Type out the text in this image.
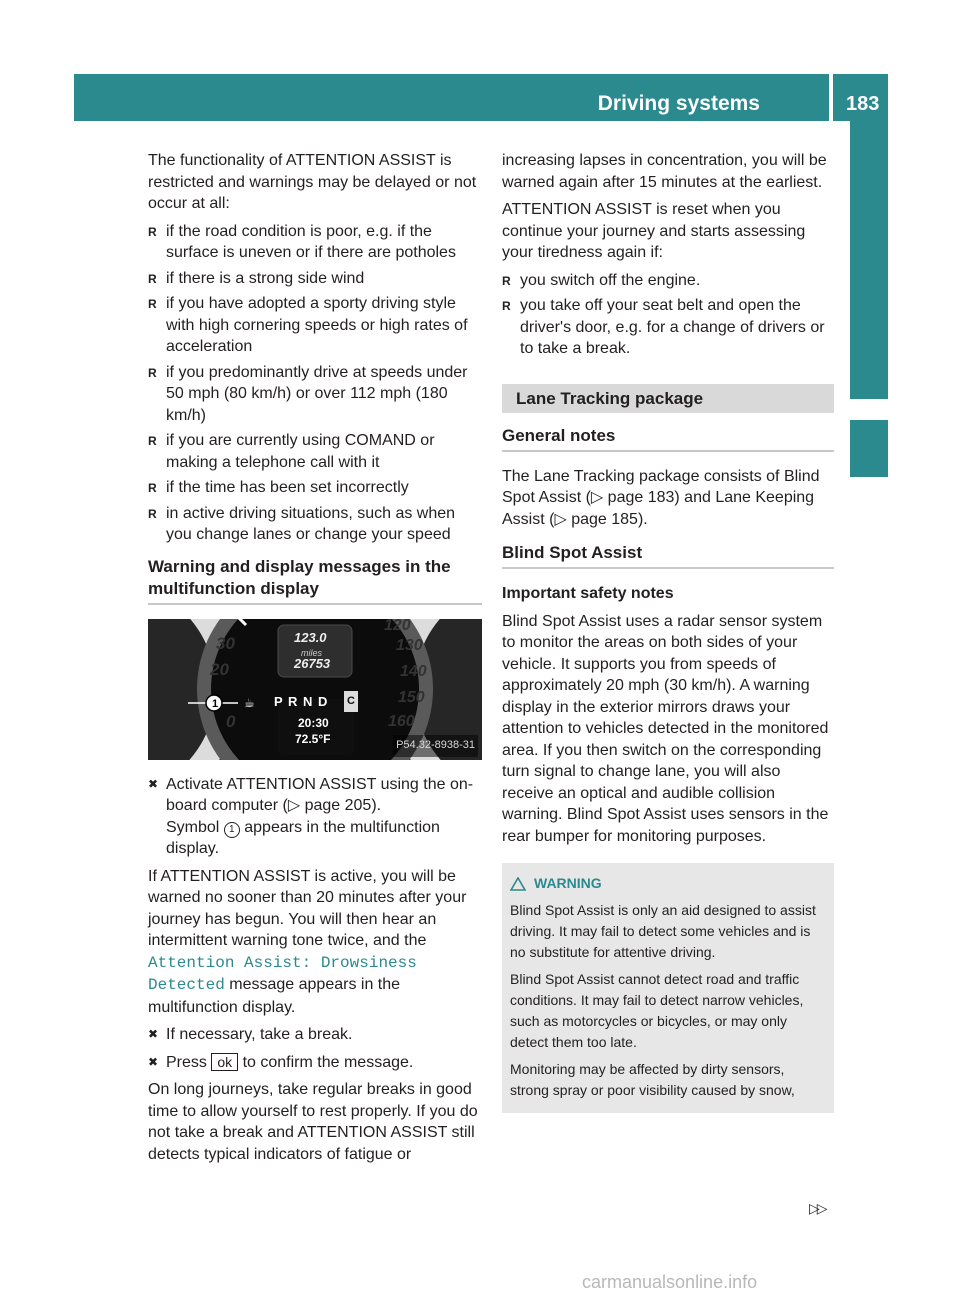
Driving systems	183
Driving and parking

The functionality of ATTENTION ASSIST is restricted and warnings may be delayed or not occur at all:

R if the road condition is poor, e.g. if the surface is uneven or if there are potholes
R if there is a strong side wind
R if you have adopted a sporty driving style with high cornering speeds or high rates of acceleration
R if you predominantly drive at speeds under 50 mph (80 km/h) or over 112 mph (180 km/h)
R if you are currently using COMAND or making a telephone call with it
R if the time has been set incorrectly
R in active driving situations, such as when you change lanes or change your speed
Warning and display messages in the multifunction display
30
20
0
120
130
140
150
160
123.0
miles
26753
☕ P R N D C
20:30
72.5°F
1
P54.32-8938-31
✖ Activate ATTENTION ASSIST using the on-board computer (▷ page 205).
Symbol 1 appears in the multifunction display.

If ATTENTION ASSIST is active, you will be warned no sooner than 20 minutes after your journey has begun. You will then hear an intermittent warning tone twice, and the Attention Assist: Drowsiness Detected message appears in the multifunction display.

✖ If necessary, take a break.
✖ Press ok to confirm the message.

On long journeys, take regular breaks in good time to allow yourself to rest properly. If you do not take a break and ATTENTION ASSIST still detects typical indicators of fatigue or

increasing lapses in concentration, you will be warned again after 15 minutes at the earliest.

ATTENTION ASSIST is reset when you continue your journey and starts assessing your tiredness again if:

R you switch off the engine.
R you take off your seat belt and open the driver's door, e.g. for a change of drivers or to take a break.
Lane Tracking package
General notes

The Lane Tracking package consists of Blind Spot Assist (▷ page 183) and Lane Keeping Assist (▷ page 185).

Blind Spot Assist
Important safety notes

Blind Spot Assist uses a radar sensor system to monitor the areas on both sides of your vehicle. It supports you from speeds of approximately 20 mph (30 km/h). A warning display in the exterior mirrors draws your attention to vehicles detected in the monitored area. If you then switch on the corresponding turn signal to change lane, you will also receive an optical and audible collision warning. Blind Spot Assist uses sensors in the rear bumper for monitoring purposes.

WARNING

Blind Spot Assist is only an aid designed to assist driving. It may fail to detect some vehicles and is no substitute for attentive driving.

Blind Spot Assist cannot detect road and traffic conditions. It may fail to detect narrow vehicles, such as motorcycles or bicycles, or may only detect them too late.

Monitoring may be affected by dirty sensors, strong spray or poor visibility caused by snow,

▷▷
carmanualsonline.info
